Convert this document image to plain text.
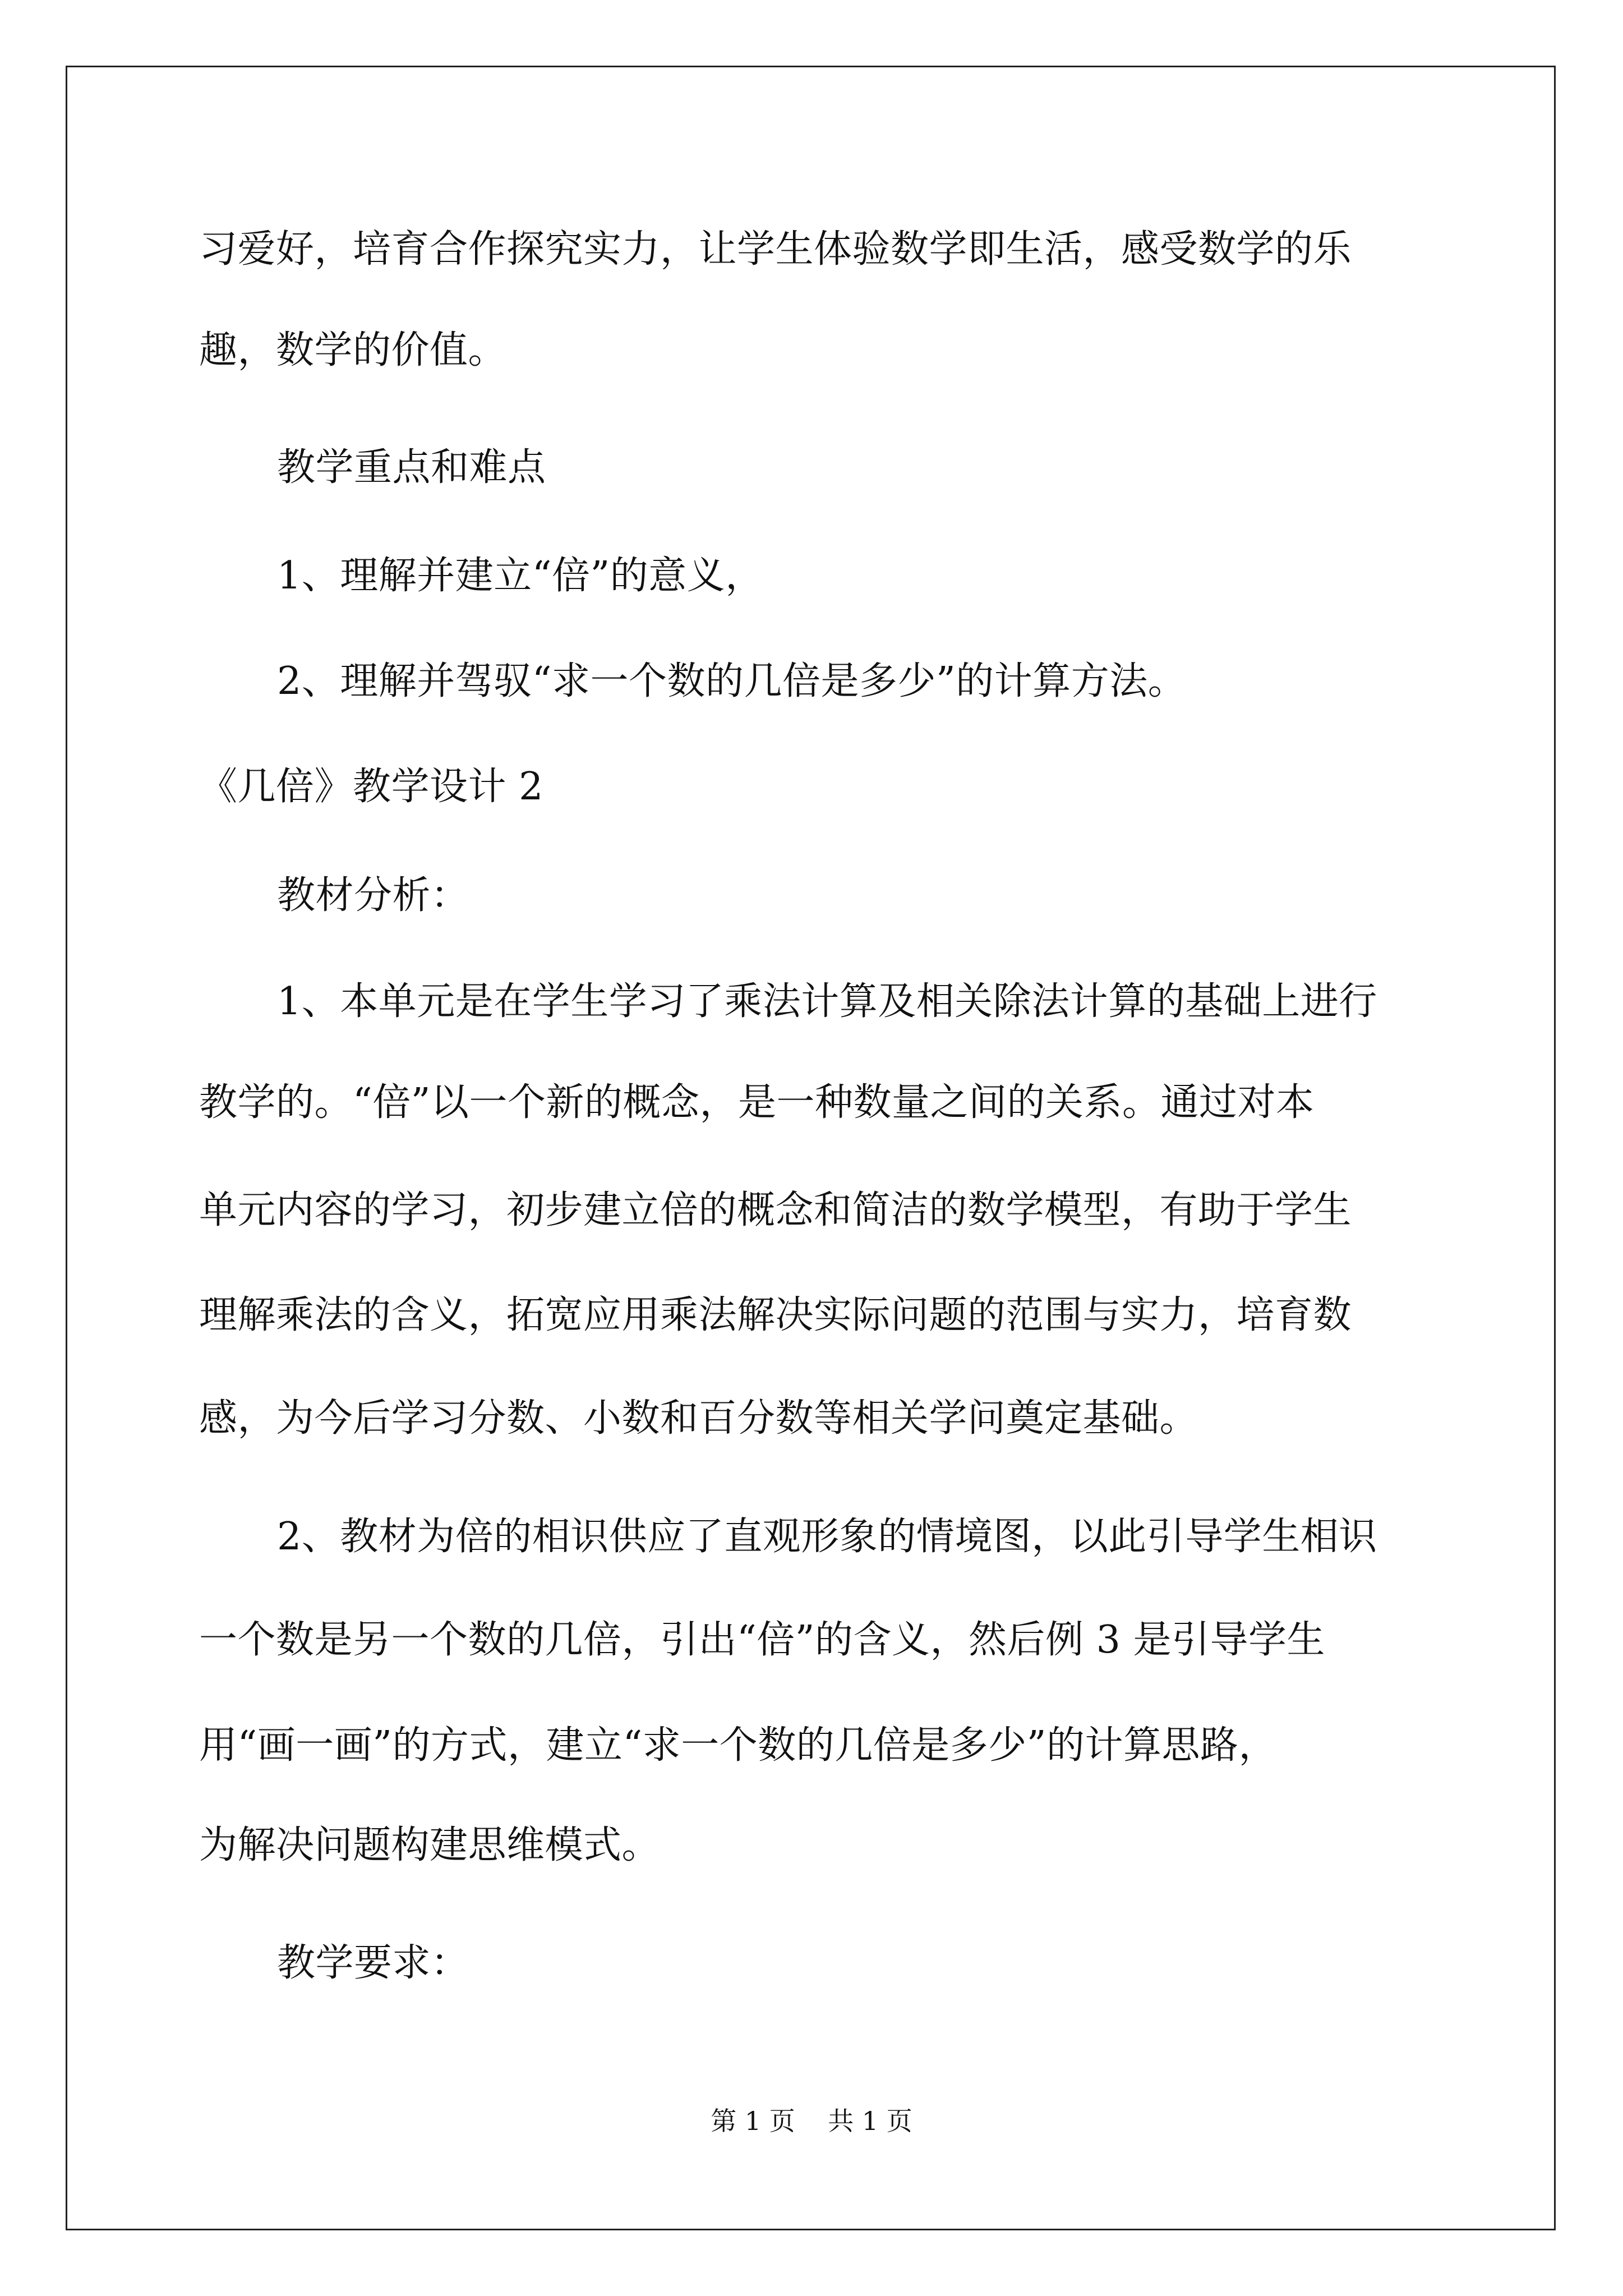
习爱好，培育合作探究实力，让学生体验数学即生活，感受数学的乐
趣，数学的价值。
教学重点和难点
1、理解并建立“倍”的意义，
2、理解并驾驭“求一个数的几倍是多少”的计算方法。
《几倍》教学设计 2
教材分析：
1、本单元是在学生学习了乘法计算及相关除法计算的基础上进行
教学的。“倍”以一个新的概念，是一种数量之间的关系。通过对本
单元内容的学习，初步建立倍的概念和简洁的数学模型，有助于学生
理解乘法的含义，拓宽应用乘法解决实际问题的范围与实力，培育数
感，为今后学习分数、小数和百分数等相关学问奠定基础。
2、教材为倍的相识供应了直观形象的情境图，以此引导学生相识
一个数是另一个数的几倍，引出“倍”的含义，然后例 3 是引导学生
用“画一画”的方式，建立“求一个数的几倍是多少”的计算思路，
为解决问题构建思维模式。
教学要求：
第 1 页    共 1 页
